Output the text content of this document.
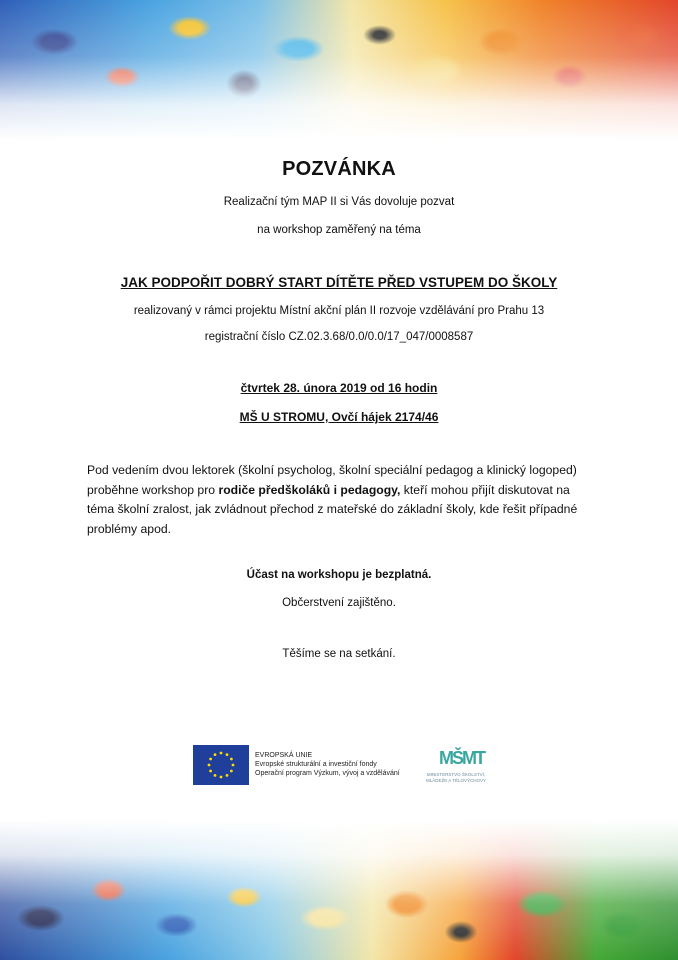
POZVÁNKA
Realizační tým MAP II si Vás dovoluje pozvat
na workshop zaměřený na téma
JAK PODPOŘIT DOBRÝ START DÍTĚTE PŘED VSTUPEM DO ŠKOLY
realizovaný v rámci projektu Místní akční plán II rozvoje vzdělávání pro Prahu 13
registrační číslo CZ.02.3.68/0.0/0.0/17_047/0008587
čtvrtek 28. února 2019 od 16 hodin
MŠ U STROMU, Ovčí hájek 2174/46
Pod vedením dvou lektorek (školní psycholog, školní speciální pedagog a klinický logoped) proběhne workshop pro rodiče předškoláků i pedagogy, kteří mohou přijít diskutovat na téma školní zralost, jak zvládnout přechod z mateřské do základní školy, kde řešit případné problémy apod.
Účast na workshopu je bezplatná.
Občerstvení zajištěno.
Těšíme se na setkání.
EVROPSKÁ UNIE
Evropské strukturální a investiční fondy
Operační program Výzkum, vývoj a vzdělávání
MŠMT
MINISTERSTVO ŠKOLSTVÍ,
MLÁDEŽE A TĚLOVÝCHOVY
